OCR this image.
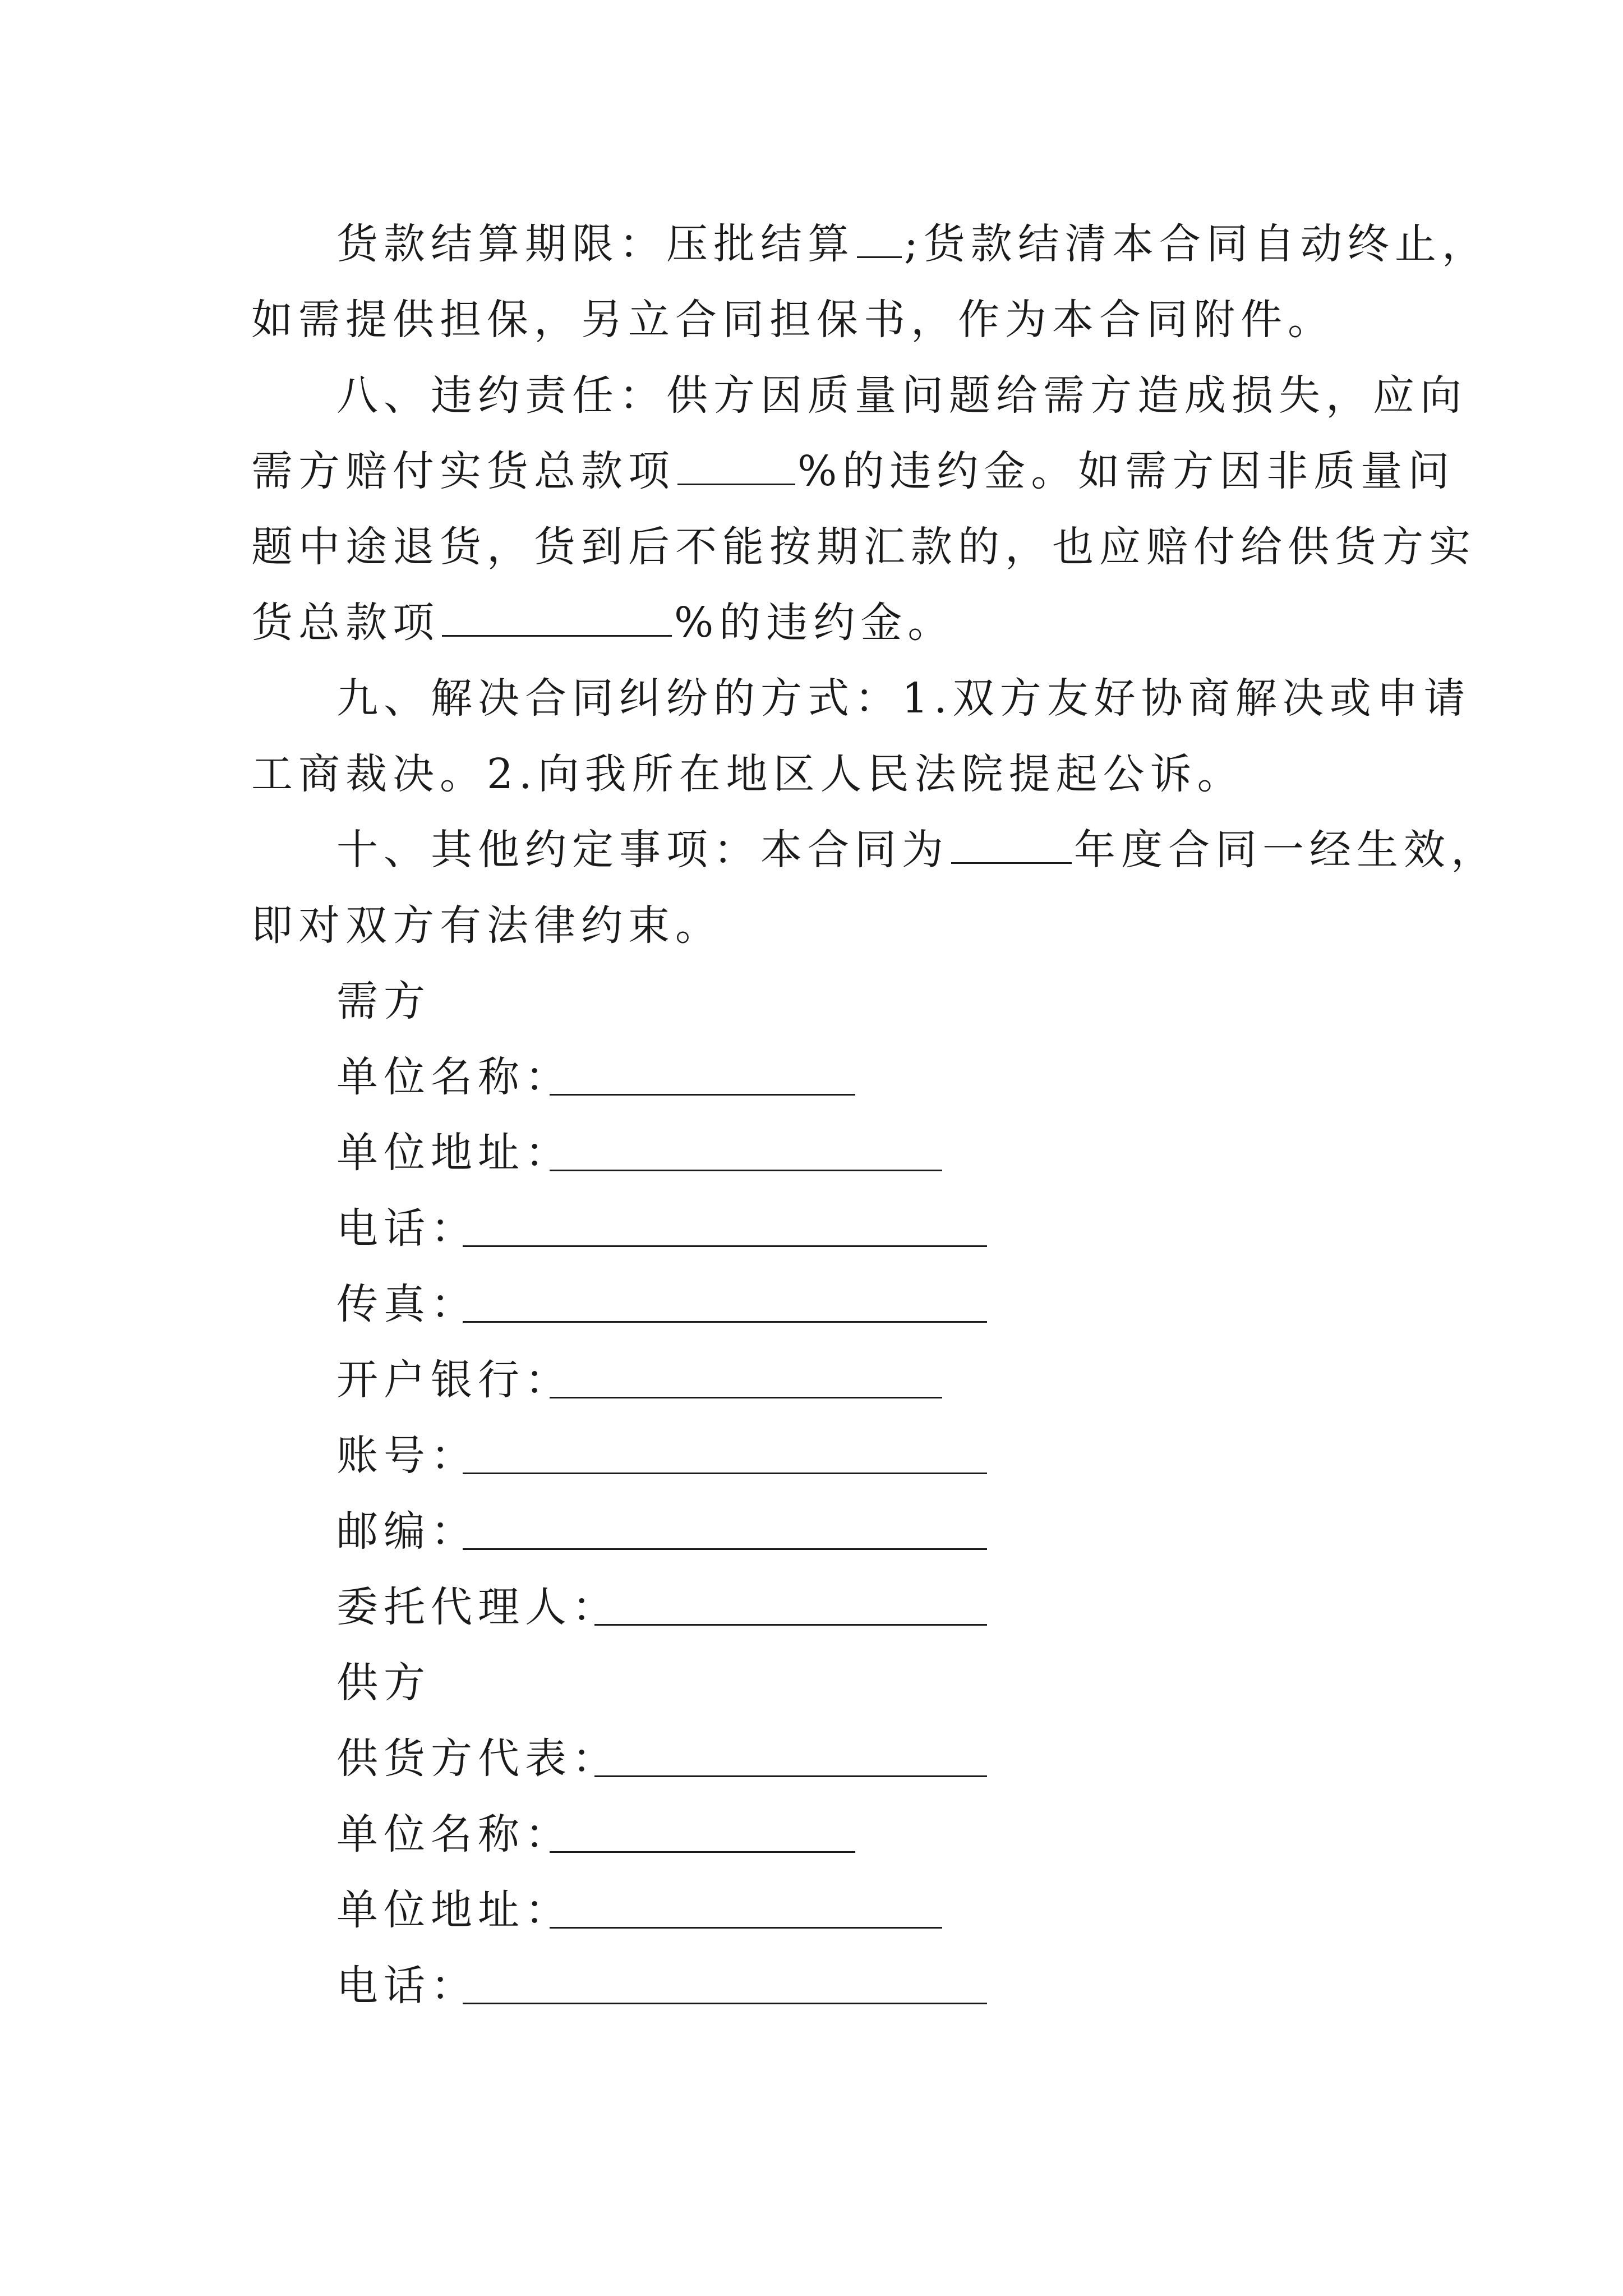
货款结算期限：压批结算 ;货款结清本合同自动终止，
如需提供担保，另立合同担保书，作为本合同附件。
八、违约责任：供方因质量问题给需方造成损失，应向
需方赔付实货总款项	%的违约金。如需方因非质量问
题中途退货，货到后不能按期汇款的，也应赔付给供货方实
货总款项	%的违约金。
九、解决合同纠纷的方式：1.双方友好协商解决或申请
工商裁决。2.向我所在地区人民法院提起公诉。
十、其他约定事项：本合同为	年度合同一经生效，
即对双方有法律约束。
需方
单位名称：
单位地址：
电话：
传真：
开户银行：
账号：
邮编：
委托代理人：
供方
供货方代表：
单位名称：
单位地址：
电话：
